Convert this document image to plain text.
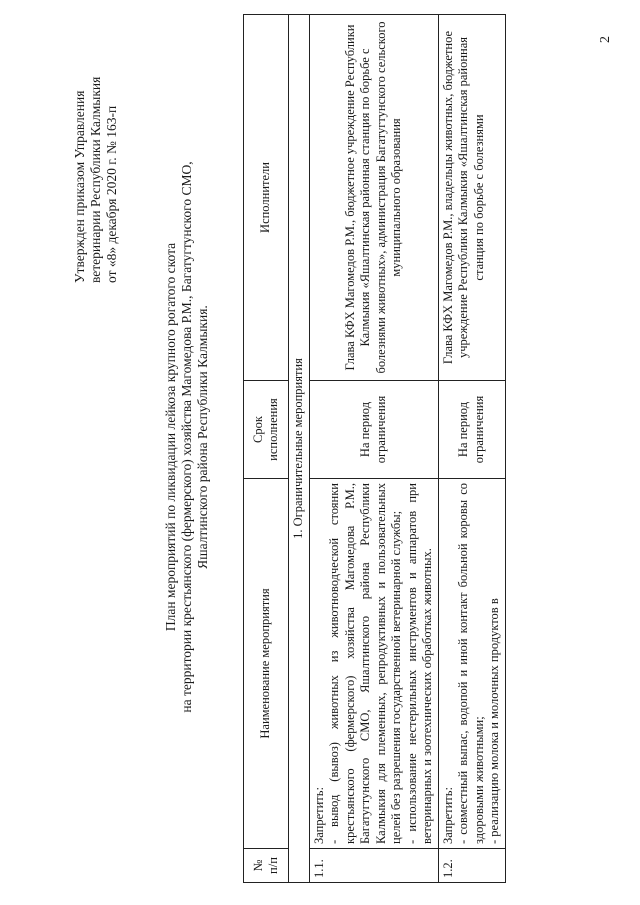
Утвержден приказом Управления ветеринарии Республики Калмыкия от «8» декабря 2020 г. № 163-п
План мероприятий по ликвидации лейкоза крупного рогатого скота на территории крестьянского (фермерского) хозяйства Магомедова Р.М., Багатугтунского СМО, Яшалтинского района Республики Калмыкия.
№ п/п	Наименование мероприятия	Срок исполнения	Исполнители
1. Ограничительные мероприятия			
1.1.	Запретить: - вывод (вывоз) животных из животноводческой стоянки крестьянского (фермерского) хозяйства Магомедова Р.М., Багатугтунского СМО, Яшалтинского района Республики Калмыкия для племенных, репродуктивных и пользовательных целей без разрешения государственной ветеринарной службы; - использование нестерильных инструментов и аппаратов при ветеринарных и зоотехнических обработках животных.	На период ограничения	Глава КФХ Магомедов Р.М., бюджетное учреждение Республики Калмыкия «Яшалтинская районная станция по борьбе с болезнями животных», администрация Багатугтунского сельского муниципального образования
1.2.	Запретить: - совместный выпас, водопой и иной контакт больной коровы со здоровыми животными; - реализацию молока и молочных продуктов в	На период ограничения	Глава КФХ Магомедов Р.М., владельцы животных, бюджетное учреждение Республики Калмыкия «Яшалтинская районная станция по борьбе с болезнями
2
